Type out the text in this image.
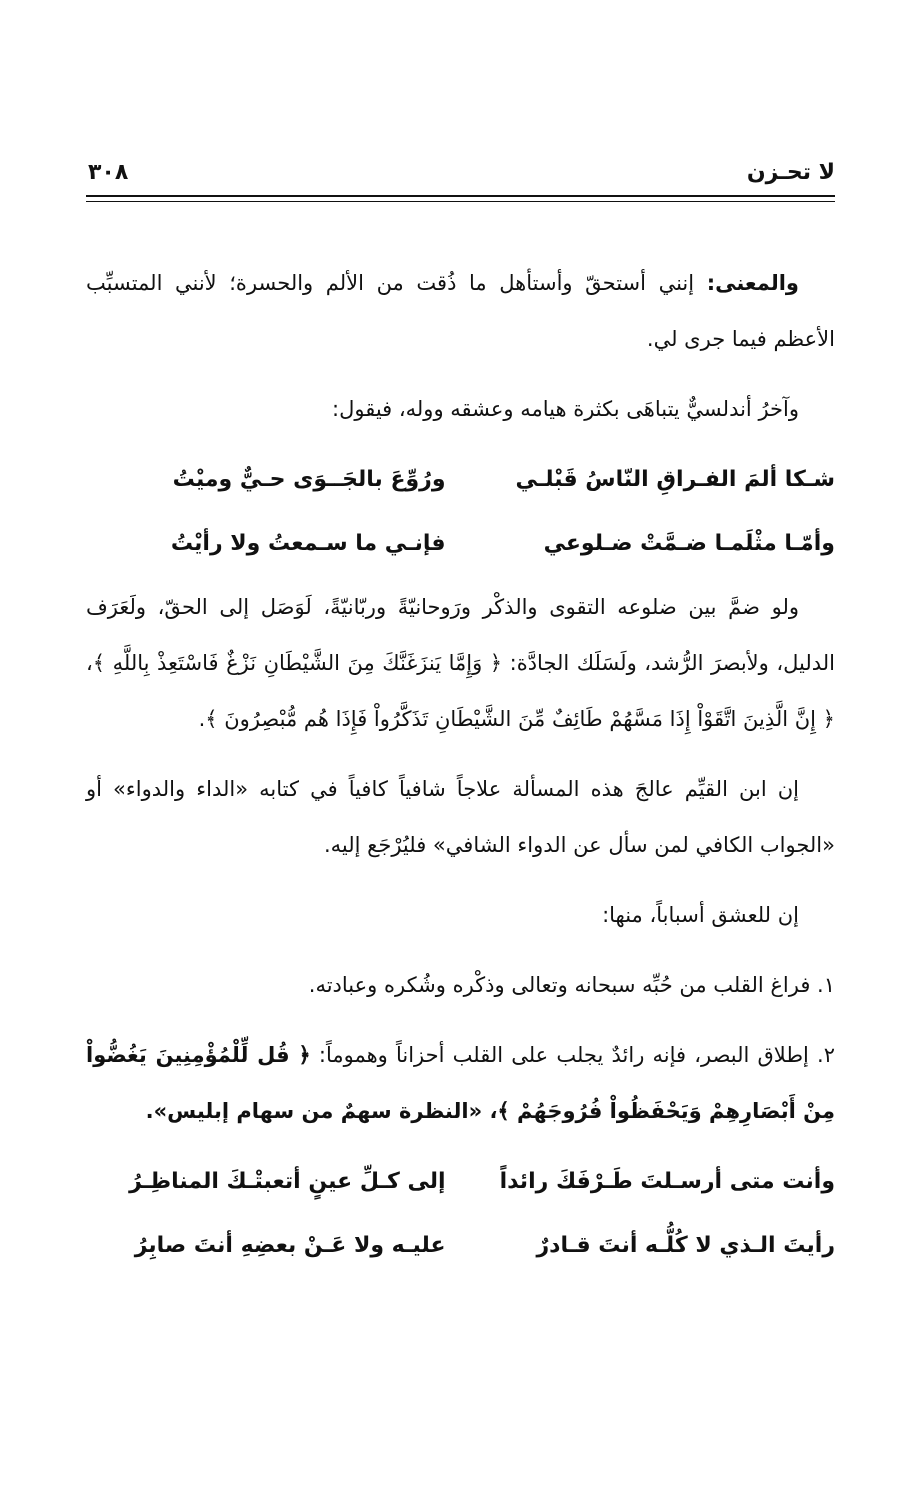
٣٠٨	لا تحـزن

والمعنى: إنني أستحقّ وأستأهل ما ذُقت من الألم والحسرة؛ لأنني المتسبِّب الأعظم فيما جرى لي.

وآخرُ أندلسيٌّ يتباهَى بكثرة هيامه وعشقه ووله، فيقول:

شـكا ألمَ الفـراقِ النّاسُ قَبْلـي
ورُوِّعَ بالجَــوَى حـيٌّ وميْتُ
وأمّـا مثْلَمـا ضـمَّتْ ضـلوعي
فإنـي ما سـمعتُ ولا رأيْتُ

ولو ضمَّ بين ضلوعه التقوى والذكْر ورَوحانيّةً وربّانيّةً، لَوَصَل إلى الحقّ، ولَعَرَف الدليل، ولأبصرَ الرُّشد، ولَسَلَك الجادَّة: ﴿ وَإِمَّا يَنزَغَنَّكَ مِنَ الشَّيْطَانِ نَزْغٌ فَاسْتَعِذْ بِاللَّهِ ﴾، ﴿ إِنَّ الَّذِينَ اتَّقَوْاْ إِذَا مَسَّهُمْ طَائِفٌ مِّنَ الشَّيْطَانِ تَذَكَّرُواْ فَإِذَا هُم مُّبْصِرُونَ ﴾.

إن ابن القيِّم عالجَ هذه المسألة علاجاً شافياً كافياً في كتابه «الداء والدواء» أو «الجواب الكافي لمن سأل عن الدواء الشافي» فليُرْجَع إليه.

إن للعشق أسباباً، منها:

١. فراغ القلب من حُبِّه سبحانه وتعالى وذكْره وشُكره وعبادته.

٢. إطلاق البصر، فإنه رائدٌ يجلب على القلب أحزاناً وهموماً: ﴿ قُل لِّلْمُؤْمِنِينَ يَغُضُّواْ مِنْ أَبْصَارِهِمْ وَيَحْفَظُواْ فُرُوجَهُمْ ﴾، «النظرة سهمٌ من سهام إبليس».

وأنت متى أرسـلتَ طَـرْفَكَ رائداً
إلى كـلِّ عينٍ أتعبتْـكَ المناظِـرُ
رأيتَ الـذي لا كُلُّـه أنتَ قـادرٌ
عليـه ولا عَـنْ بعضِهِ أنتَ صابِرُ
